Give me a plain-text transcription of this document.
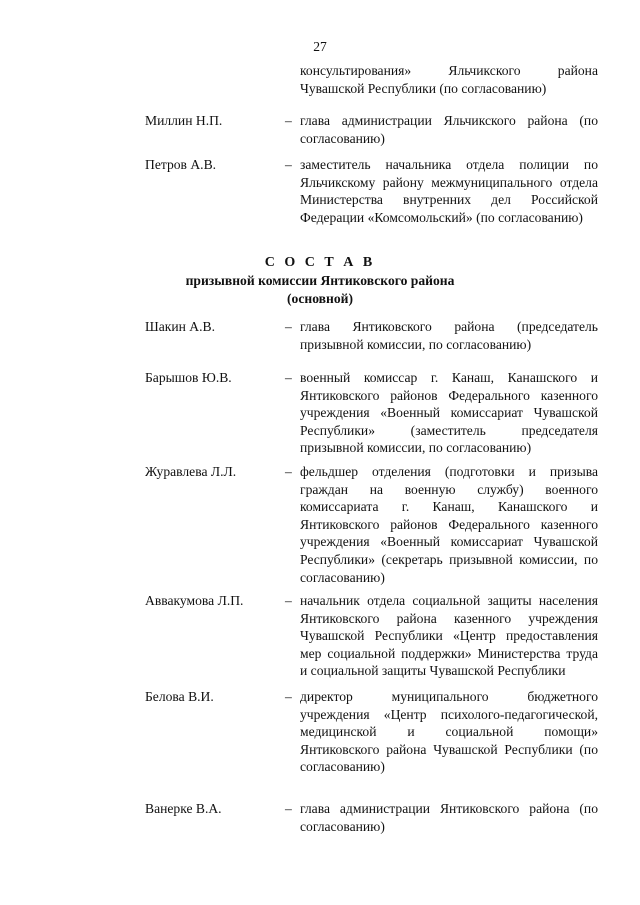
27
консультирования» Яльчикского района Чувашской Республики (по согласованию)
Миллин Н.П.	– глава администрации Яльчикского района (по согласованию)
Петров А.В.	– заместитель начальника отдела полиции по Яльчикскому району межмуниципального отдела Министерства внутренних дел Российской Федерации «Комсомольский» (по согласованию)
С О С Т А В
призывной комиссии Янтиковского района
(основной)
Шакин А.В.	– глава Янтиковского района (председатель призывной комиссии, по согласованию)
Барышов Ю.В.	– военный комиссар г. Канаш, Канашского и Янтиковского районов Федерального казенного учреждения «Военный комиссариат Чувашской Республики» (заместитель председателя призывной комиссии, по согласованию)
Журавлева Л.Л.	– фельдшер отделения (подготовки и призыва граждан на военную службу) военного комиссариата г. Канаш, Канашского и Янтиковского районов Федерального казенного учреждения «Военный комиссариат Чувашской Республики» (секретарь призывной комиссии, по согласованию)
Аввакумова Л.П.	– начальник отдела социальной защиты населения Янтиковского района казенного учреждения Чувашской Республики «Центр предоставления мер социальной поддержки» Министерства труда и социальной защиты Чувашской Республики
Белова В.И.	– директор муниципального бюджетного учреждения «Центр психолого-педагогической, медицинской и социальной помощи» Янтиковского района Чувашской Республики (по согласованию)
Ванерке В.А.	– глава администрации Янтиковского района (по согласованию)
